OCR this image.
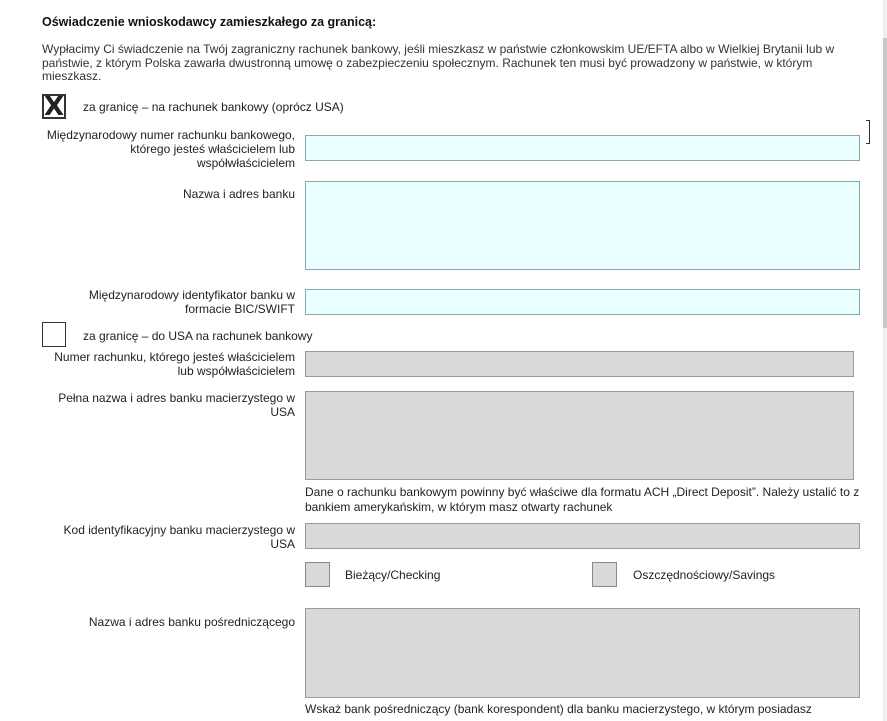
Oświadczenie wnioskodawcy zamieszkałego za granicą:
Wypłacimy Ci świadczenie na Twój zagraniczny rachunek bankowy, jeśli mieszkasz w państwie członkowskim UE/EFTA albo w Wielkiej Brytanii lub w państwie, z którym Polska zawarła dwustronną umowę o zabezpieczeniu społecznym. Rachunek ten musi być prowadzony w państwie, w którym mieszkasz.
X za granicę – na rachunek bankowy (oprócz USA)
Międzynarodowy numer rachunku bankowego, którego jesteś właścicielem lub współwłaścicielem
Nazwa i adres banku
Międzynarodowy identyfikator banku w formacie BIC/SWIFT
za granicę – do USA na rachunek bankowy
Numer rachunku, którego jesteś właścicielem lub współwłaścicielem
Pełna nazwa i adres banku macierzystego w USA
Dane o rachunku bankowym powinny być właściwe dla formatu ACH „Direct Deposit”. Należy ustalić to z bankiem amerykańskim, w którym masz otwarty rachunek
Kod identyfikacyjny banku macierzystego w USA
Bieżący/Checking	Oszczędnościowy/Savings
Nazwa i adres banku pośredniczącego
Wskaż bank pośredniczący (bank korespondent) dla banku macierzystego, w którym posiadasz
